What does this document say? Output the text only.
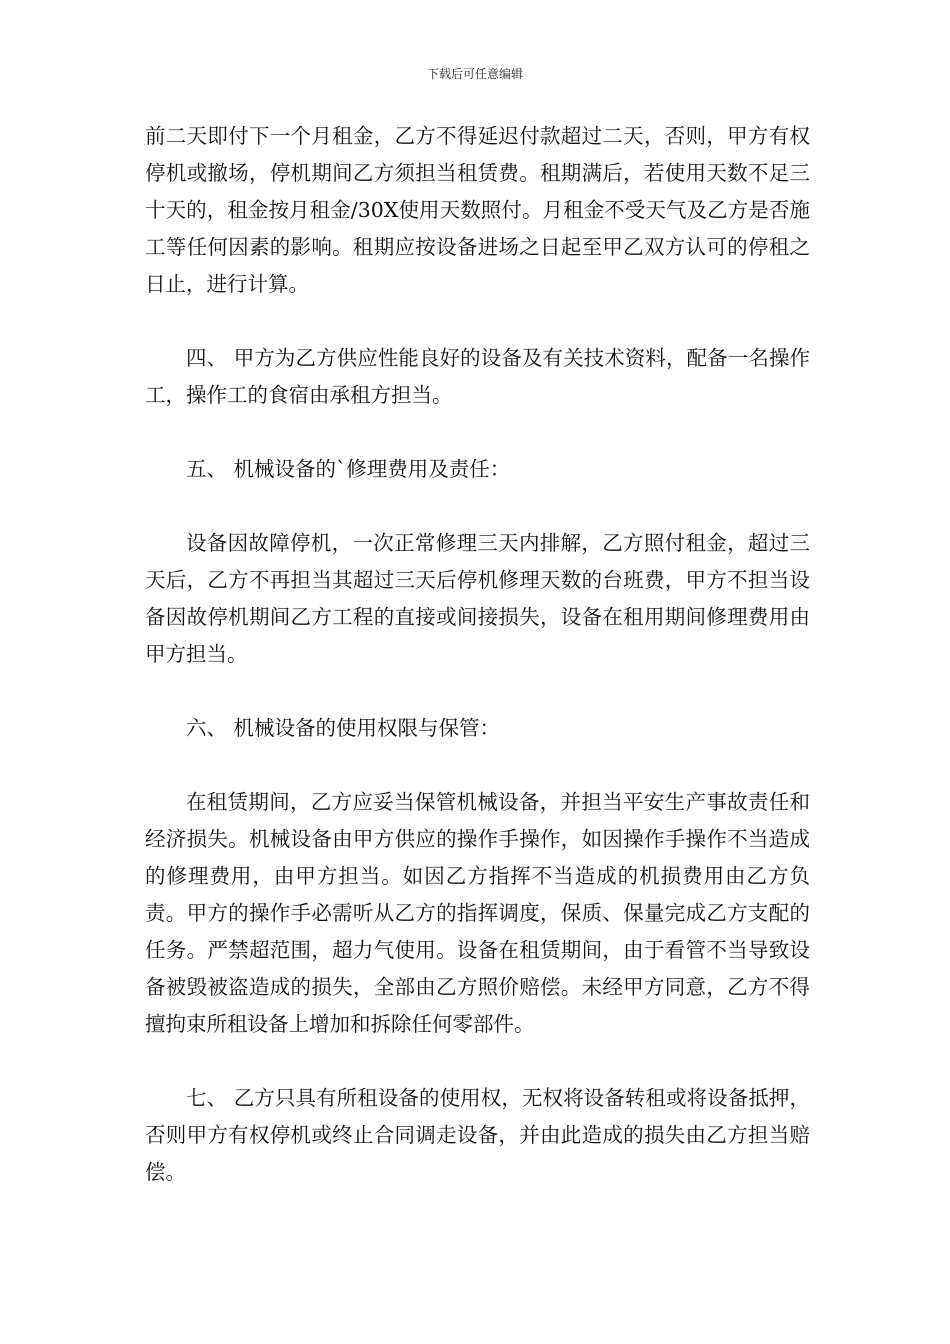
下载后可任意编辑

前二天即付下一个月租金，乙方不得延迟付款超过二天，否则，甲方有权停机或撤场，停机期间乙方须担当租赁费。租期满后，若使用天数不足三十天的，租金按月租金/30X使用天数照付。月租金不受天气及乙方是否施工等任何因素的影响。租期应按设备进场之日起至甲乙双方认可的停租之日止，进行计算。

四、 甲方为乙方供应性能良好的设备及有关技术资料，配备一名操作工，操作工的食宿由承租方担当。

五、 机械设备的`修理费用及责任：

设备因故障停机，一次正常修理三天内排解，乙方照付租金，超过三天后，乙方不再担当其超过三天后停机修理天数的台班费，甲方不担当设备因故停机期间乙方工程的直接或间接损失，设备在租用期间修理费用由甲方担当。

六、 机械设备的使用权限与保管：

在租赁期间，乙方应妥当保管机械设备，并担当平安生产事故责任和经济损失。机械设备由甲方供应的操作手操作，如因操作手操作不当造成的修理费用，由甲方担当。如因乙方指挥不当造成的机损费用由乙方负责。甲方的操作手必需听从乙方的指挥调度，保质、保量完成乙方支配的任务。严禁超范围，超力气使用。设备在租赁期间，由于看管不当导致设备被毁被盗造成的损失，全部由乙方照价赔偿。未经甲方同意，乙方不得擅拘束所租设备上增加和拆除任何零部件。

七、 乙方只具有所租设备的使用权，无权将设备转租或将设备抵押，否则甲方有权停机或终止合同调走设备，并由此造成的损失由乙方担当赔偿。
